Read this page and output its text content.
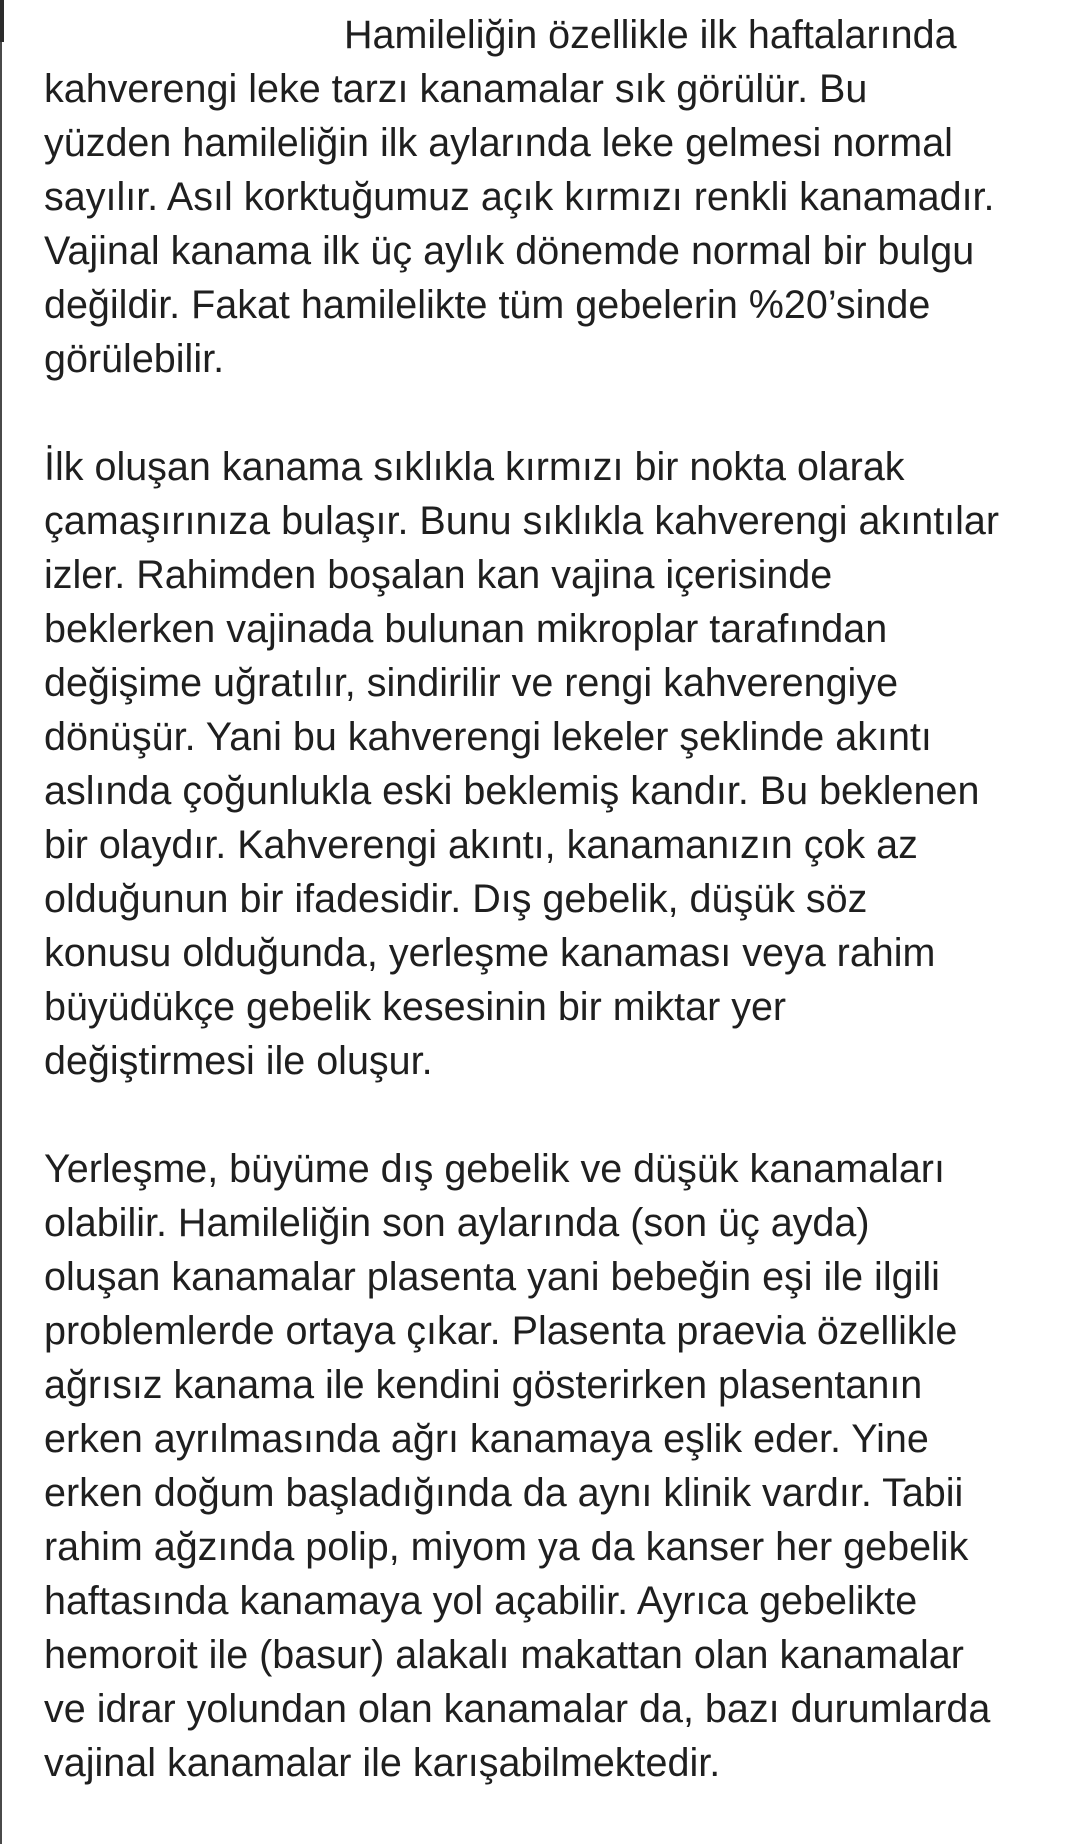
Hamileliğin özellikle ilk haftalarında
kahverengi leke tarzı kanamalar sık görülür. Bu
yüzden hamileliğin ilk aylarında leke gelmesi normal
sayılır. Asıl korktuğumuz açık kırmızı renkli kanamadır.
Vajinal kanama ilk üç aylık dönemde normal bir bulgu
değildir. Fakat hamilelikte tüm gebelerin %20’sinde
görülebilir.

İlk oluşan kanama sıklıkla kırmızı bir nokta olarak
çamaşırınıza bulaşır. Bunu sıklıkla kahverengi akıntılar
izler. Rahimden boşalan kan vajina içerisinde
beklerken vajinada bulunan mikroplar tarafından
değişime uğratılır, sindirilir ve rengi kahverengiye
dönüşür. Yani bu kahverengi lekeler şeklinde akıntı
aslında çoğunlukla eski beklemiş kandır. Bu beklenen
bir olaydır. Kahverengi akıntı, kanamanızın çok az
olduğunun bir ifadesidir. Dış gebelik, düşük söz
konusu olduğunda, yerleşme kanaması veya rahim
büyüdükçe gebelik kesesinin bir miktar yer
değiştirmesi ile oluşur.

Yerleşme, büyüme dış gebelik ve düşük kanamaları
olabilir. Hamileliğin son aylarında (son üç ayda)
oluşan kanamalar plasenta yani bebeğin eşi ile ilgili
problemlerde ortaya çıkar. Plasenta praevia özellikle
ağrısız kanama ile kendini gösterirken plasentanın
erken ayrılmasında ağrı kanamaya eşlik eder. Yine
erken doğum başladığında da aynı klinik vardır. Tabii
rahim ağzında polip, miyom ya da kanser her gebelik
haftasında kanamaya yol açabilir. Ayrıca gebelikte
hemoroit ile (basur) alakalı makattan olan kanamalar
ve idrar yolundan olan kanamalar da, bazı durumlarda
vajinal kanamalar ile karışabilmektedir.
